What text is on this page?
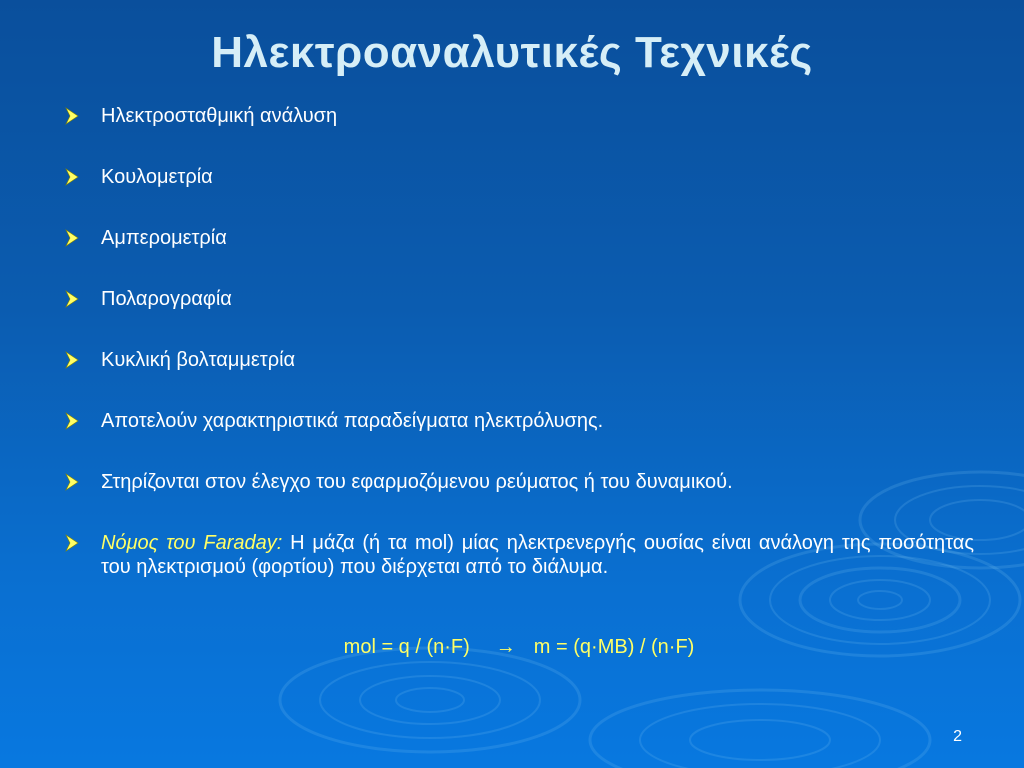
Ηλεκτροαναλυτικές Τεχνικές
Ηλεκτροσταθμική ανάλυση
Κουλομετρία
Αμπερομετρία
Πολαρογραφία
Κυκλική βολταμμετρία
Αποτελούν χαρακτηριστικά παραδείγματα ηλεκτρόλυσης.
Στηρίζονται στον έλεγχο του εφαρμοζόμενου ρεύματος ή του δυναμικού.
Νόμος του Faraday: Η μάζα (ή τα mol) μίας ηλεκτρενεργής ουσίας είναι ανάλογη της ποσότητας του ηλεκτρισμού (φορτίου) που διέρχεται από το διάλυμα.
mol = q / (n·F) → m = (q·MB) / (n·F)
2
